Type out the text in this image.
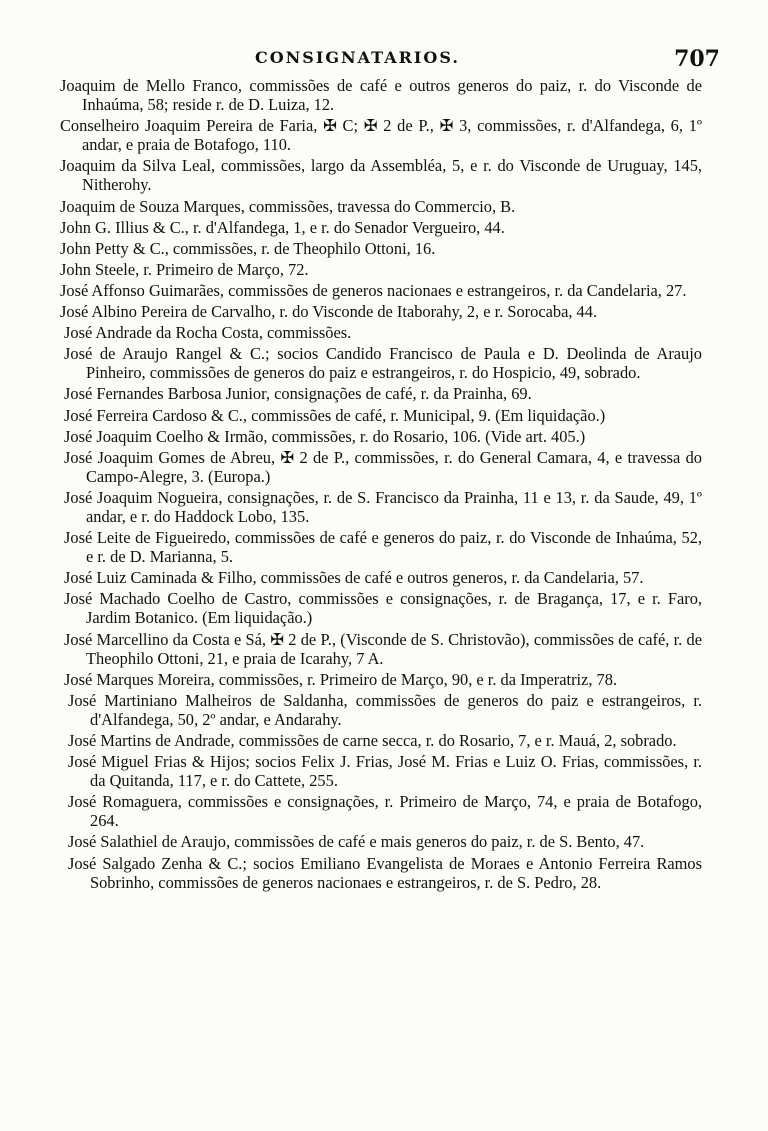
CONSIGNATARIOS.	707

Joaquim de Mello Franco, commissões de café e outros generos do paiz, r. do Visconde de Inhaúma, 58; reside r. de D. Luiza, 12.

Conselheiro Joaquim Pereira de Faria, ✠ C; ✠ 2 de P., ✠ 3, commissões, r. d'Alfandega, 6, 1º andar, e praia de Botafogo, 110.

Joaquim da Silva Leal, commissões, largo da Assembléa, 5, e r. do Visconde de Uruguay, 145, Nitherohy.

Joaquim de Souza Marques, commissões, travessa do Commercio, B.

John G. Illius & C., r. d'Alfandega, 1, e r. do Senador Vergueiro, 44.

John Petty & C., commissões, r. de Theophilo Ottoni, 16.

John Steele, r. Primeiro de Março, 72.

José Affonso Guimarães, commissões de generos nacionaes e estrangeiros, r. da Candelaria, 27.

José Albino Pereira de Carvalho, r. do Visconde de Itaborahy, 2, e r. Sorocaba, 44.

José Andrade da Rocha Costa, commissões.

José de Araujo Rangel & C.; socios Candido Francisco de Paula e D. Deolinda de Araujo Pinheiro, commissões de generos do paiz e estrangeiros, r. do Hospicio, 49, sobrado.

José Fernandes Barbosa Junior, consignações de café, r. da Prainha, 69.

José Ferreira Cardoso & C., commissões de café, r. Municipal, 9. (Em liquidação.)

José Joaquim Coelho & Irmão, commissões, r. do Rosario, 106. (Vide art. 405.)

José Joaquim Gomes de Abreu, ✠ 2 de P., commissões, r. do General Camara, 4, e travessa do Campo-Alegre, 3. (Europa.)

José Joaquim Nogueira, consignações, r. de S. Francisco da Prainha, 11 e 13, r. da Saude, 49, 1º andar, e r. do Haddock Lobo, 135.

José Leite de Figueiredo, commissões de café e generos do paiz, r. do Visconde de Inhaúma, 52, e r. de D. Marianna, 5.

José Luiz Caminada & Filho, commissões de café e outros generos, r. da Candelaria, 57.

José Machado Coelho de Castro, commissões e consignações, r. de Bragança, 17, e r. Faro, Jardim Botanico. (Em liquidação.)

José Marcellino da Costa e Sá, ✠ 2 de P., (Visconde de S. Christovão), commissões de café, r. de Theophilo Ottoni, 21, e praia de Icarahy, 7 A.

José Marques Moreira, commissões, r. Primeiro de Março, 90, e r. da Imperatriz, 78.

José Martiniano Malheiros de Saldanha, commissões de generos do paiz e estrangeiros, r. d'Alfandega, 50, 2º andar, e Andarahy.

José Martins de Andrade, commissões de carne secca, r. do Rosario, 7, e r. Mauá, 2, sobrado.

José Miguel Frias & Hijos; socios Felix J. Frias, José M. Frias e Luiz O. Frias, commissões, r. da Quitanda, 117, e r. do Cattete, 255.

José Romaguera, commissões e consignações, r. Primeiro de Março, 74, e praia de Botafogo, 264.

José Salathiel de Araujo, commissões de café e mais generos do paiz, r. de S. Bento, 47.

José Salgado Zenha & C.; socios Emiliano Evangelista de Moraes e Antonio Ferreira Ramos Sobrinho, commissões de generos nacionaes e estrangeiros, r. de S. Pedro, 28.
